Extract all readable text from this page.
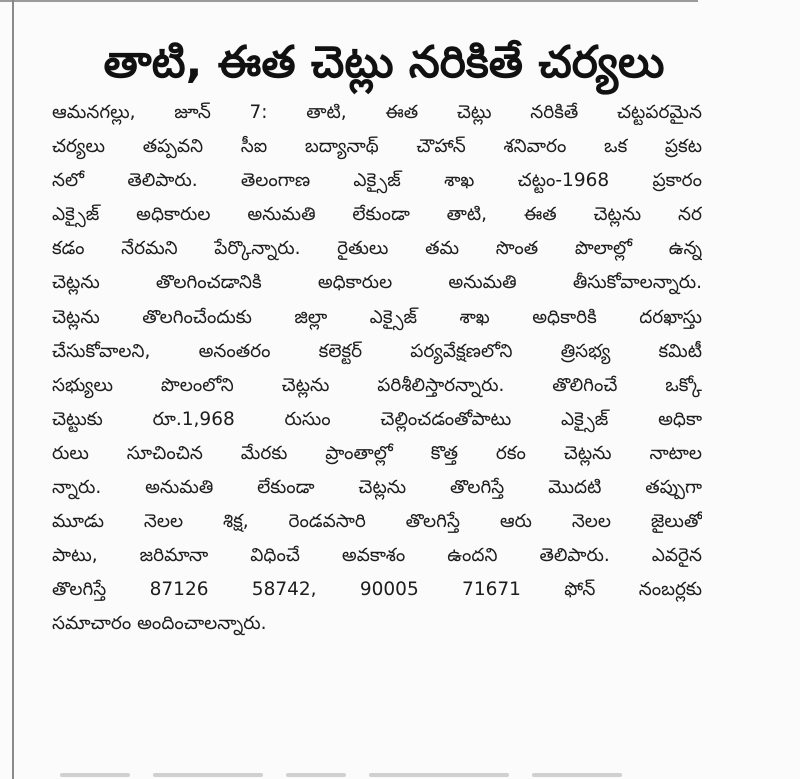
తాటి, ఈత చెట్లు నరికితే చర్యలు
ఆమనగల్లు, జూన్ 7: తాటి, ఈత చెట్లు నరికితే చట్టపరమైన
చర్యలు తప్పవని సీఐ బద్యానాథ్ చౌహాన్ శనివారం ఒక ప్రకట
నలో తెలిపారు. తెలంగాణ ఎక్సైజ్ శాఖ చట్టం-1968 ప్రకారం
ఎక్సైజ్ అధికారుల అనుమతి లేకుండా తాటి, ఈత చెట్లను నర
కడం నేరమని పేర్కొన్నారు. రైతులు తమ సొంత పొలాల్లో ఉన్న
చెట్లను తొలగించడానికి అధికారుల అనుమతి తీసుకోవాలన్నారు.
చెట్లను తొలగించేందుకు జిల్లా ఎక్సైజ్ శాఖ అధికారికి దరఖాస్తు
చేసుకోవాలని, అనంతరం కలెక్టర్ పర్యవేక్షణలోని త్రిసభ్య కమిటీ
సభ్యులు పొలంలోని చెట్లను పరిశీలిస్తారన్నారు. తొలిగించే ఒక్కో
చెట్టుకు రూ.1,968 రుసుం చెల్లించడంతోపాటు ఎక్సైజ్ అధికా
రులు సూచించిన మేరకు ప్రాంతాల్లో కొత్త రకం చెట్లను నాటాల
న్నారు. అనుమతి లేకుండా చెట్లను తొలగిస్తే మొదటి తప్పుగా
మూడు నెలల శిక్ష, రెండవసారి తొలగిస్తే ఆరు నెలల జైలుతో
పాటు, జరిమానా విధించే అవకాశం ఉందని తెలిపారు. ఎవరైన
తొలగిస్తే 87126 58742, 90005 71671 ఫోన్ నంబర్లకు
సమాచారం అందించాలన్నారు.
